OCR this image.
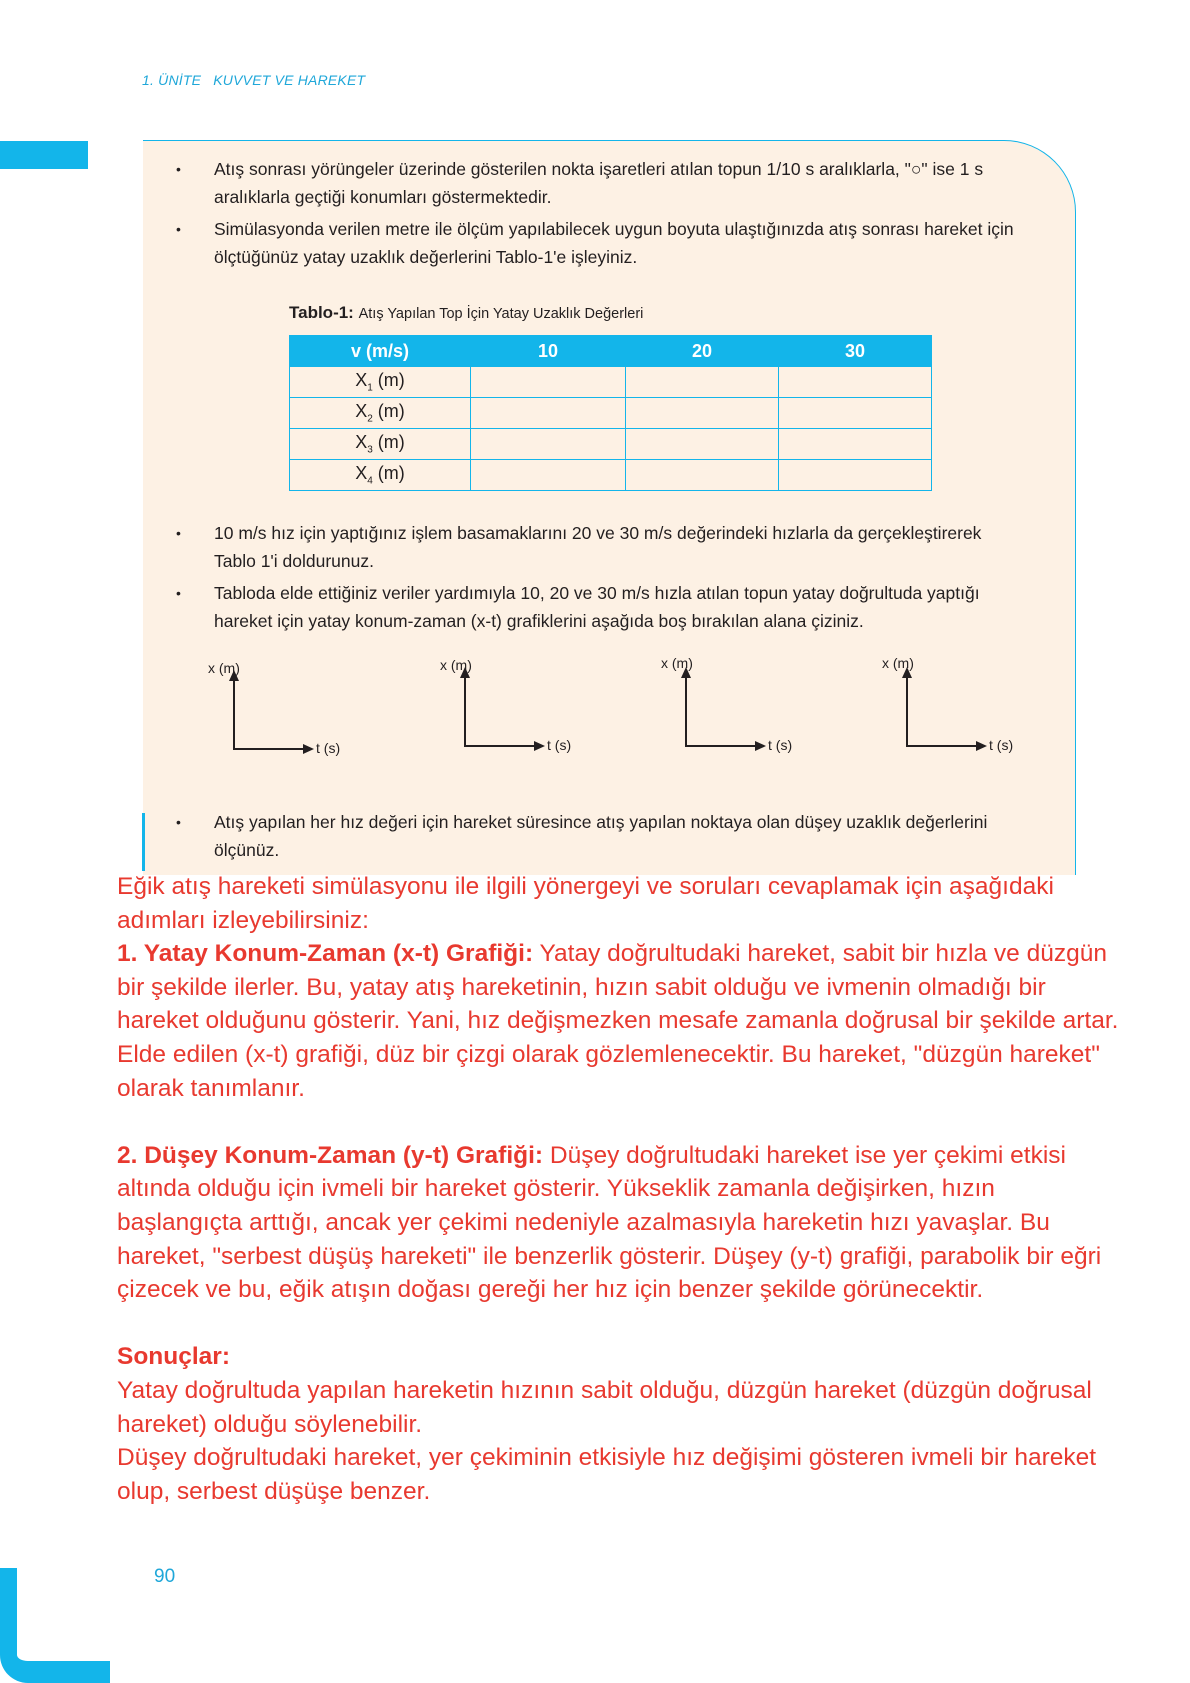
1. ÜNİTE KUVVET VE HAREKET
• Atış sonrası yörüngeler üzerinde gösterilen nokta işaretleri atılan topun 1/10 s aralıklarla, "○" ise 1 s aralıklarla geçtiği konumları göstermektedir.
• Simülasyonda verilen metre ile ölçüm yapılabilecek uygun boyuta ulaştığınızda atış sonrası hareket için ölçtüğünüz yatay uzaklık değerlerini Tablo-1'e işleyiniz.
Tablo-1: Atış Yapılan Top İçin Yatay Uzaklık Değerleri
v (m/s)	10	20	30
$X_1$ (m)			
$X_2$ (m)			
$X_3$ (m)			
$X_4$ (m)			
• 10 m/s hız için yaptığınız işlem basamaklarını 20 ve 30 m/s değerindeki hızlarla da gerçekleştirerek Tablo 1'i doldurunuz.
• Tabloda elde ettiğiniz veriler yardımıyla 10, 20 ve 30 m/s hızla atılan topun yatay doğrultuda yaptığı hareket için yatay konum-zaman (x-t) grafiklerini aşağıda boş bırakılan alana çiziniz.
x (m)
t (s)
x (m)
t (s)
x (m)
t (s)
x (m)
t (s)
• Atış yapılan her hız değeri için hareket süresince atış yapılan noktaya olan düşey uzaklık değerlerini ölçünüz.

Eğik atış hareketi simülasyonu ile ilgili yönergeyi ve soruları cevaplamak için aşağıdaki adımları izleyebilirsiniz:

1. Yatay Konum-Zaman (x-t) Grafiği: Yatay doğrultudaki hareket, sabit bir hızla ve düzgün bir şekilde ilerler. Bu, yatay atış hareketinin, hızın sabit olduğu ve ivmenin olmadığı bir hareket olduğunu gösterir. Yani, hız değişmezken mesafe zamanla doğrusal bir şekilde artar. Elde edilen (x-t) grafiği, düz bir çizgi olarak gözlemlenecektir. Bu hareket, "düzgün hareket" olarak tanımlanır.

2. Düşey Konum-Zaman (y-t) Grafiği: Düşey doğrultudaki hareket ise yer çekimi etkisi altında olduğu için ivmeli bir hareket gösterir. Yükseklik zamanla değişirken, hızın başlangıçta arttığı, ancak yer çekimi nedeniyle azalmasıyla hareketin hızı yavaşlar. Bu hareket, "serbest düşüş hareketi" ile benzerlik gösterir. Düşey (y-t) grafiği, parabolik bir eğri çizecek ve bu, eğik atışın doğası gereği her hız için benzer şekilde görünecektir.

Sonuçlar:

Yatay doğrultuda yapılan hareketin hızının sabit olduğu, düzgün hareket (düzgün doğrusal hareket) olduğu söylenebilir.

Düşey doğrultudaki hareket, yer çekiminin etkisiyle hız değişimi gösteren ivmeli bir hareket olup, serbest düşüşe benzer.

90
